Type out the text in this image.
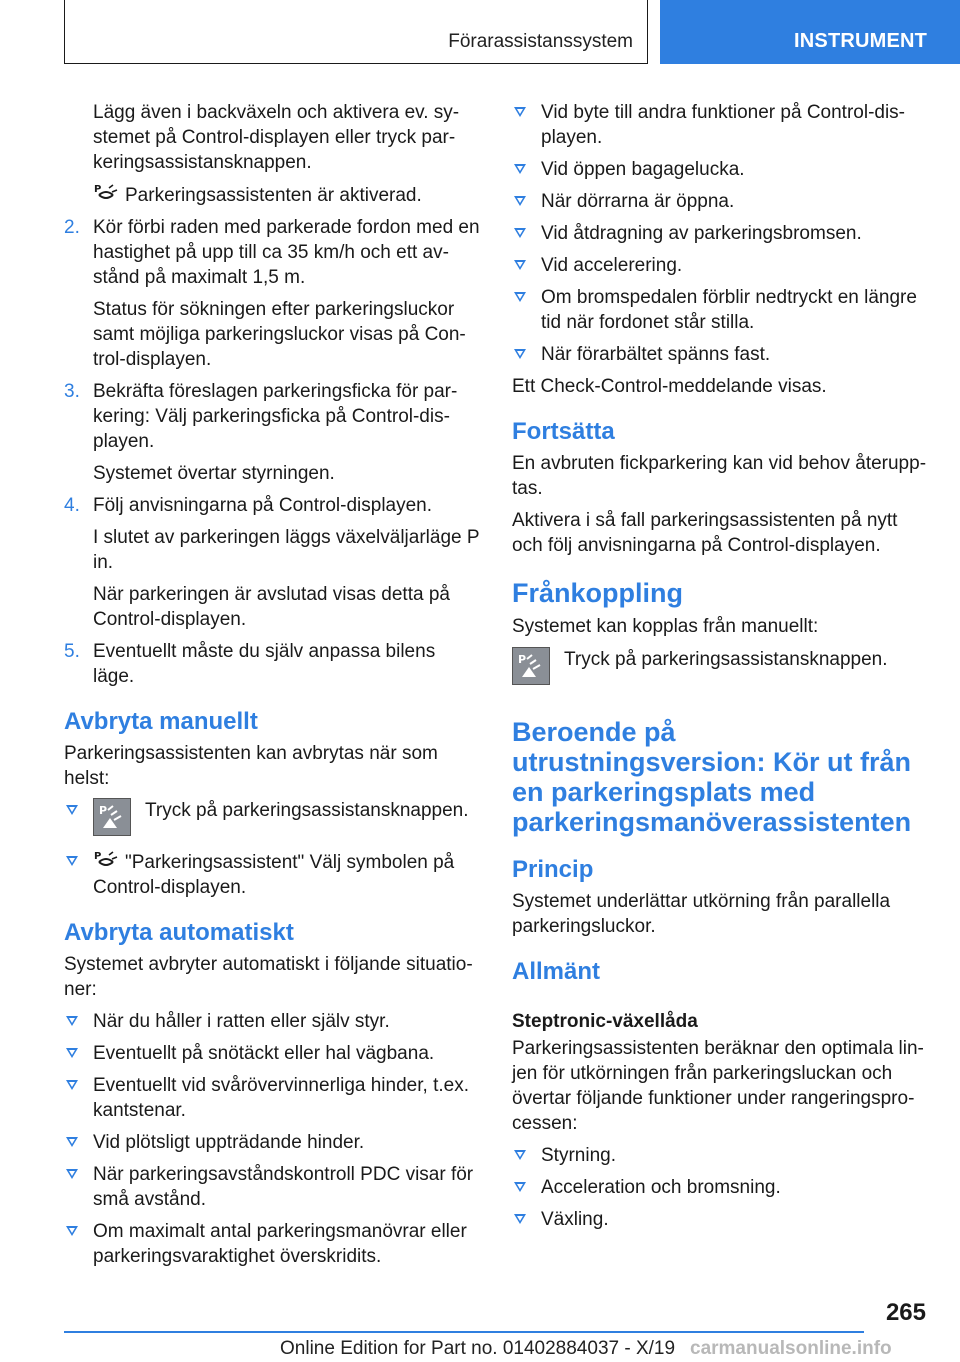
Förarassistanssystem	INSTRUMENT

Lägg även i backväxeln och aktivera ev. sy-stemet på Control-displayen eller tryck par-keringsassistansknappen.

P Parkeringsassistenten är aktiverad.

2. Kör förbi raden med parkerade fordon med en hastighet på upp till ca 35 km/h och ett av-stånd på maximalt 1,5 m.

Status för sökningen efter parkeringsluckor samt möjliga parkeringsluckor visas på Con-trol-displayen.

3. Bekräfta föreslagen parkeringsficka för par-kering: Välj parkeringsficka på Control-dis-playen.

Systemet övertar styrningen.

4. Följ anvisningarna på Control-displayen.

I slutet av parkeringen läggs växelväljarläge P in.

När parkeringen är avslutad visas detta på Control-displayen.

5. Eventuellt måste du själv anpassa bilens läge.

Avbryta manuellt

Parkeringsassistenten kan avbrytas när som helst:

P Tryck på parkeringsassistansknappen.
P "Parkeringsassistent" Välj symbolen på Control-displayen.
Avbryta automatiskt

Systemet avbryter automatiskt i följande situatio-ner:

När du håller i ratten eller själv styr.
Eventuellt på snötäckt eller hal vägbana.
Eventuellt vid svårövervinnerliga hinder, t.ex. kantstenar.
Vid plötsligt uppträdande hinder.
När parkeringsavståndskontroll PDC visar för små avstånd.
Om maximalt antal parkeringsmanövrar eller parkeringsvaraktighet överskridits.
Vid byte till andra funktioner på Control-dis-playen.
Vid öppen bagagelucka.
När dörrarna är öppna.
Vid åtdragning av parkeringsbromsen.
Vid accelerering.
Om bromspedalen förblir nedtryckt en längre tid när fordonet står stilla.
När förarbältet spänns fast.

Ett Check-Control-meddelande visas.

Fortsätta

En avbruten fickparkering kan vid behov återupp-tas.

Aktivera i så fall parkeringsassistenten på nytt och följ anvisningarna på Control-displayen.

Frånkoppling

Systemet kan kopplas från manuellt:

P Tryck på parkeringsassistansknappen.
Beroende på utrustningsversion: Kör ut från en parkeringsplats med parkeringsmanöverassistenten
Princip

Systemet underlättar utkörning från parallella parkeringsluckor.

Allmänt
Steptronic-växellåda

Parkeringsassistenten beräknar den optimala lin-jen för utkörningen från parkeringsluckan och övertar följande funktioner under rangeringspro-cessen:

Styrning.
Acceleration och bromsning.
Växling.
265
Online Edition for Part no. 01402884037 - X/19 carmanualsonline.info
